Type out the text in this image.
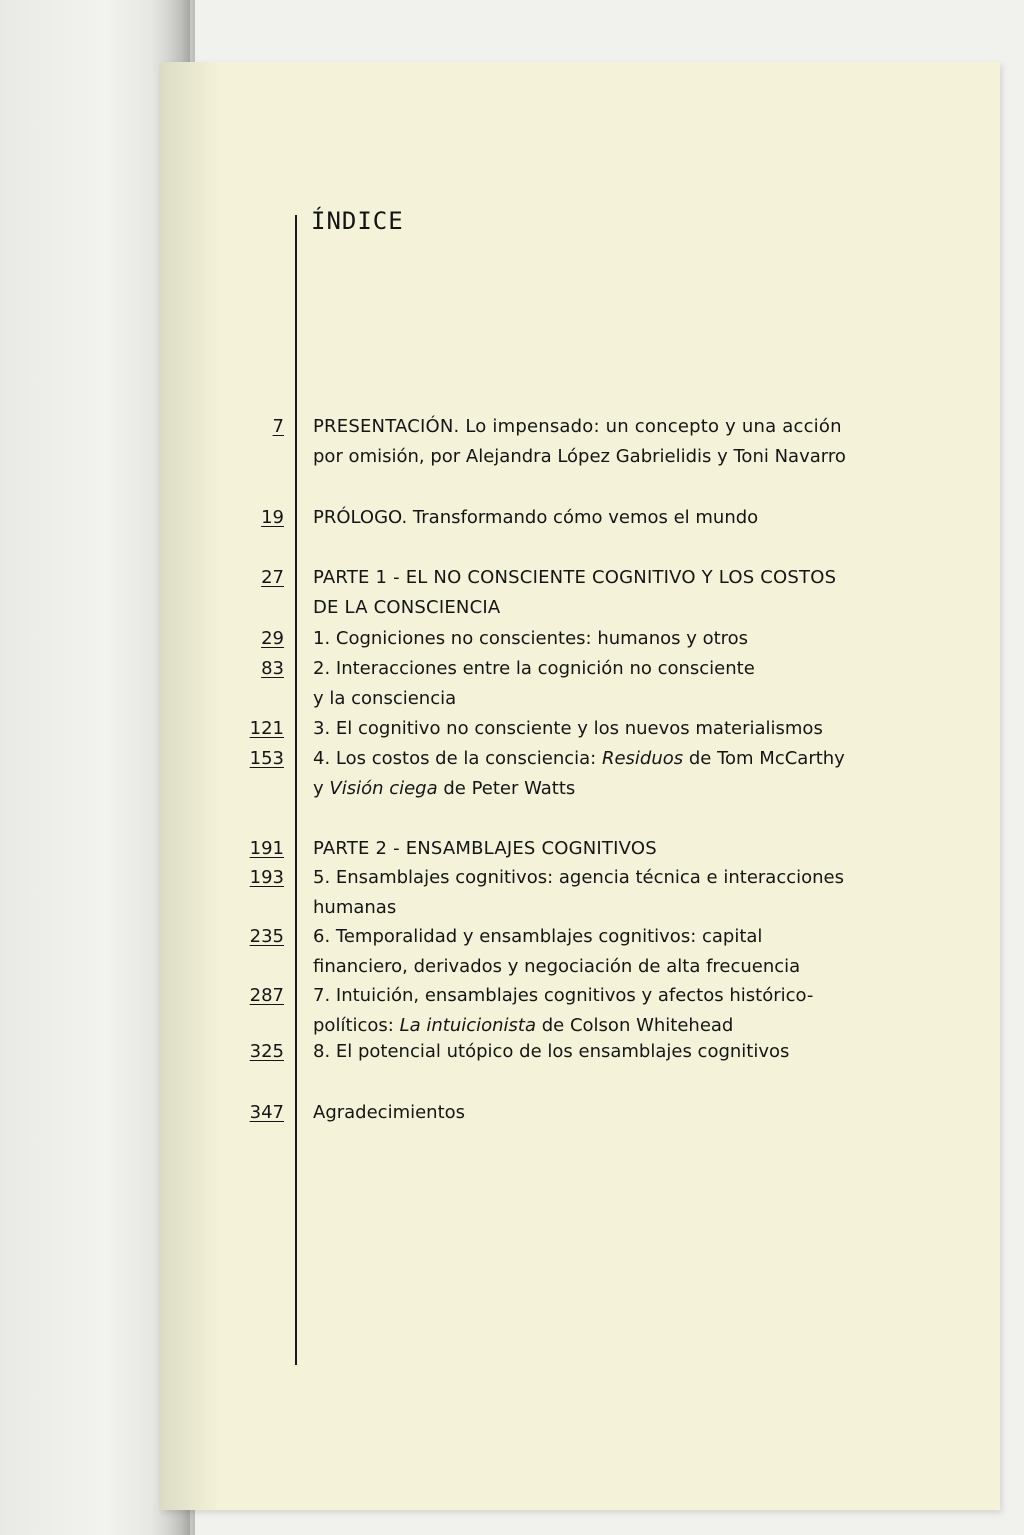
ÍNDICE
7 PRESENTACIÓN. Lo impensado: un concepto y una acción
por omisión, por Alejandra López Gabrielidis y Toni Navarro
19 PRÓLOGO. Transformando cómo vemos el mundo
27 PARTE 1 - EL NO CONSCIENTE COGNITIVO Y LOS COSTOS
DE LA CONSCIENCIA
29 1. Cogniciones no conscientes: humanos y otros
83 2. Interacciones entre la cognición no consciente
y la consciencia
121 3. El cognitivo no consciente y los nuevos materialismos
153 4. Los costos de la consciencia: Residuos de Tom McCarthy
y Visión ciega de Peter Watts
191 PARTE 2 - ENSAMBLAJES COGNITIVOS
193 5. Ensamblajes cognitivos: agencia técnica e interacciones
humanas
235 6. Temporalidad y ensamblajes cognitivos: capital
financiero, derivados y negociación de alta frecuencia
287 7. Intuición, ensamblajes cognitivos y afectos histórico-
políticos: La intuicionista de Colson Whitehead
325 8. El potencial utópico de los ensamblajes cognitivos
347 Agradecimientos
